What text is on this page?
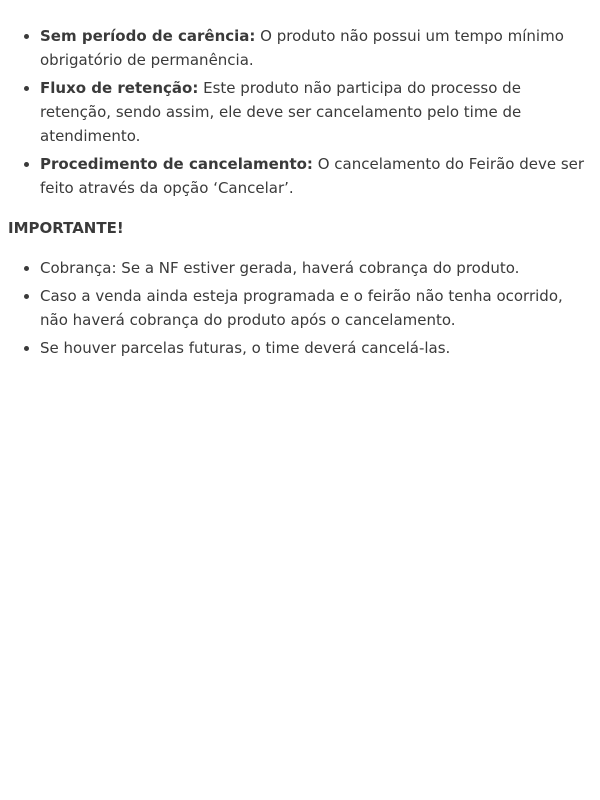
• Sem período de carência: O produto não possui um tempo mínimo obrigatório de permanência.
• Fluxo de retenção: Este produto não participa do processo de retenção, sendo assim, ele deve ser cancelamento pelo time de atendimento.
• Procedimento de cancelamento: O cancelamento do Feirão deve ser feito através da opção ‘Cancelar’.

IMPORTANTE!

• Cobrança: Se a NF estiver gerada, haverá cobrança do produto.
• Caso a venda ainda esteja programada e o feirão não tenha ocorrido, não haverá cobrança do produto após o cancelamento.
• Se houver parcelas futuras, o time deverá cancelá-las.
